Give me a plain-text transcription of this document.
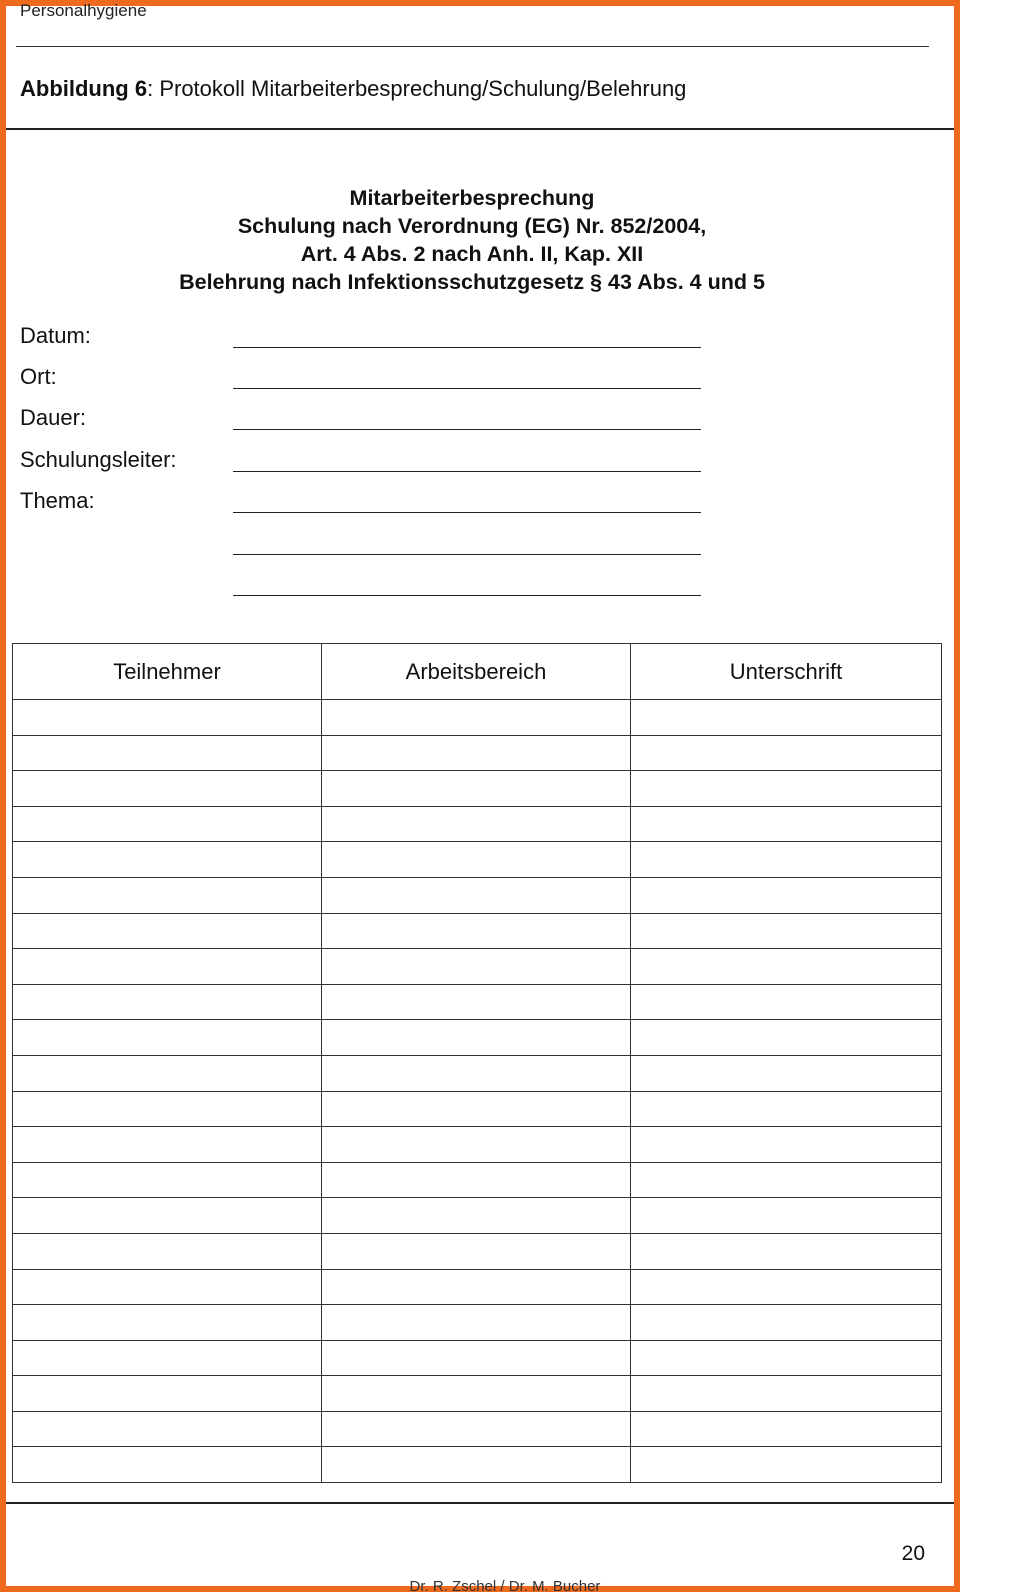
Personalhygiene
Abbildung 6: Protokoll Mitarbeiterbesprechung/Schulung/Belehrung
Mitarbeiterbesprechung
Schulung nach Verordnung (EG) Nr. 852/2004,
Art. 4 Abs. 2 nach Anh. II, Kap. XII
Belehrung nach Infektionsschutzgesetz § 43 Abs. 4 und 5
Datum:
Ort:
Dauer:
Schulungsleiter:
Thema:
Teilnehmer	Arbeitsbereich	Unterschrift

20
Dr. R. Zschel / Dr. M. Bucher
